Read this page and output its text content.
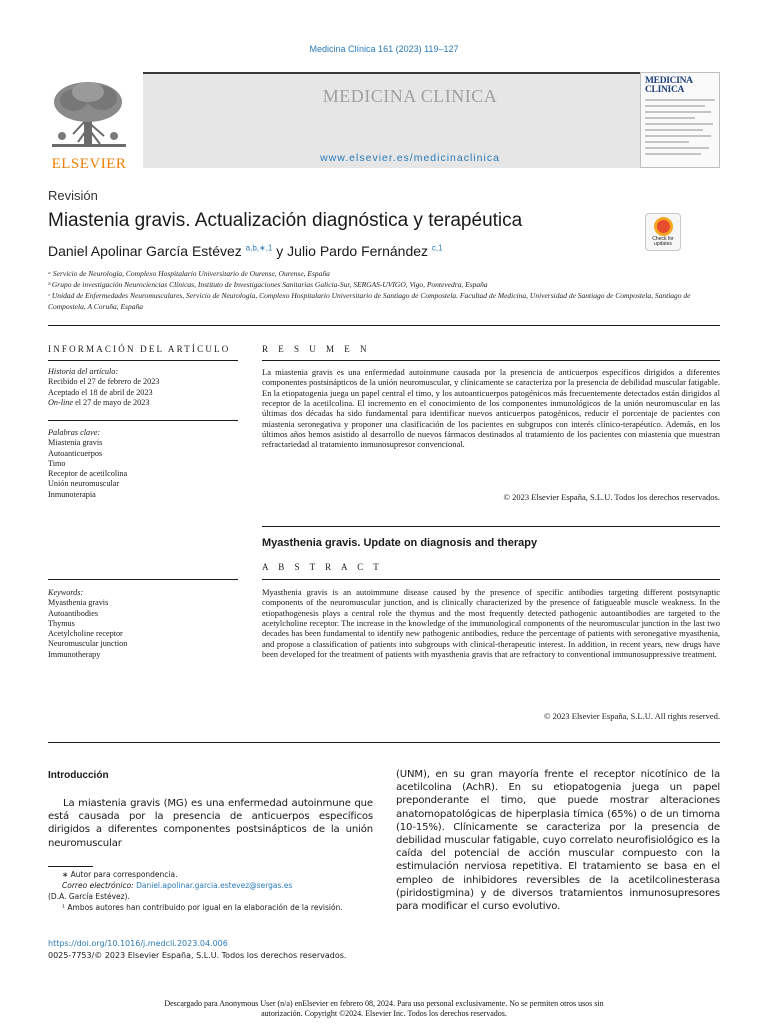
Medicina Clínica 161 (2023) 119–127
ELSEVIER
MEDICINA CLINICA
www.elsevier.es/medicinaclinica
MEDICINA CLINICA
Revisión
Miastenia gravis. Actualización diagnóstica y terapéutica
Check for updates
Daniel Apolinar García Estévez $^{a,b,∗,1}$ y Julio Pardo Fernández $^{c,1}$
ᵃ Servicio de Neurología, Complexo Hospitalario Universitario de Ourense, Ourense, España
ᵇ Grupo de investigación Neurociencias Clínicas, Instituto de Investigaciones Sanitarias Galicia-Sur, SERGAS-UVIGO, Vigo, Pontevedra, España
ᶜ Unidad de Enfermedades Neuromusculares, Servicio de Neurología, Complexo Hospitalario Universitario de Santiago de Compostela. Facultad de Medicina, Universidad de Santiago de Compostela, Santiago de Compostela, A Coruña, España
INFORMACIÓN DEL ARTÍCULO
Historia del artículo:
Recibido el 27 de febrero de 2023
Aceptado el 18 de abril de 2023
On-line el 27 de mayo de 2023
Palabras clave:
Miastenia gravis
Autoanticuerpos
Timo
Receptor de acetilcolina
Unión neuromuscular
Inmunoterapia
Keywords:
Myasthenia gravis
Autoantibodies
Thymus
Acetylcholine receptor
Neuromuscular junction
Immunotherapy
R E S U M E N
La miastenia gravis es una enfermedad autoinmune causada por la presencia de anticuerpos específicos dirigidos a diferentes componentes postsinápticos de la unión neuromuscular, y clínicamente se caracteriza por la presencia de debilidad muscular fatigable. En la etiopatogenia juega un papel central el timo, y los autoanticuerpos patogénicos más frecuentemente detectados están dirigidos al receptor de la acetilcolina. El incremento en el conocimiento de los componentes inmunológicos de la unión neuromuscular en las últimas dos décadas ha sido fundamental para identificar nuevos anticuerpos patogénicos, reducir el porcentaje de pacientes con miastenia seronegativa y proponer una clasificación de los pacientes en subgrupos con interés clínico-terapéutico. Además, en los últimos años hemos asistido al desarrollo de nuevos fármacos destinados al tratamiento de los pacientes con miastenia que muestran refractariedad al tratamiento inmunosupresor convencional.
© 2023 Elsevier España, S.L.U. Todos los derechos reservados.
Myasthenia gravis. Update on diagnosis and therapy
A B S T R A C T
Myasthenia gravis is an autoimmune disease caused by the presence of specific antibodies targeting different postsynaptic components of the neuromuscular junction, and is clinically characterized by the presence of fatigueable muscle weakness. In the etiopathogenesis plays a central role the thymus and the most frequently detected pathogenic autoantibodies are targeted to the acetylcholine receptor. The increase in the knowledge of the immunological components of the neuromuscular junction in the last two decades has been fundamental to identify new pathogenic antibodies, reduce the percentage of patients with seronegative myasthenia, and propose a classification of patients into subgroups with clinical-therapeutic interest. In addition, in recent years, new drugs have been developed for the treatment of patients with myasthenia gravis that are refractory to conventional immunosuppressive treatment.
© 2023 Elsevier España, S.L.U. All rights reserved.
Introducción
La miastenia gravis (MG) es una enfermedad autoinmune que está causada por la presencia de anticuerpos específicos dirigidos a diferentes componentes postsinápticos de la unión neuromuscular
(UNM), en su gran mayoría frente el receptor nicotínico de la acetilcolina (AchR). En su etiopatogenia juega un papel preponderante el timo, que puede mostrar alteraciones anatomopatológicas de hiperplasia tímica (65%) o de un timoma (10-15%). Clínicamente se caracteriza por la presencia de debilidad muscular fatigable, cuyo correlato neurofisiológico es la caída del potencial de acción muscular compuesto con la estimulación nerviosa repetitiva. El tratamiento se basa en el empleo de inhibidores reversibles de la acetilcolinesterasa (piridostigmina) y de diversos tratamientos inmunosupresores para modificar el curso evolutivo.
∗ Autor para correspondencia.
Correo electrónico: Daniel.apolinar.garcia.estevez@sergas.es
(D.A. García Estévez).
¹ Ambos autores han contribuido por igual en la elaboración de la revisión.
https://doi.org/10.1016/j.medcli.2023.04.006
0025-7753/© 2023 Elsevier España, S.L.U. Todos los derechos reservados.
Descargado para Anonymous User (n/a) enElsevier en febrero 08, 2024. Para uso personal exclusivamente. No se permiten otros usos sin
autorización. Copyright ©2024. Elsevier Inc. Todos los derechos reservados.
